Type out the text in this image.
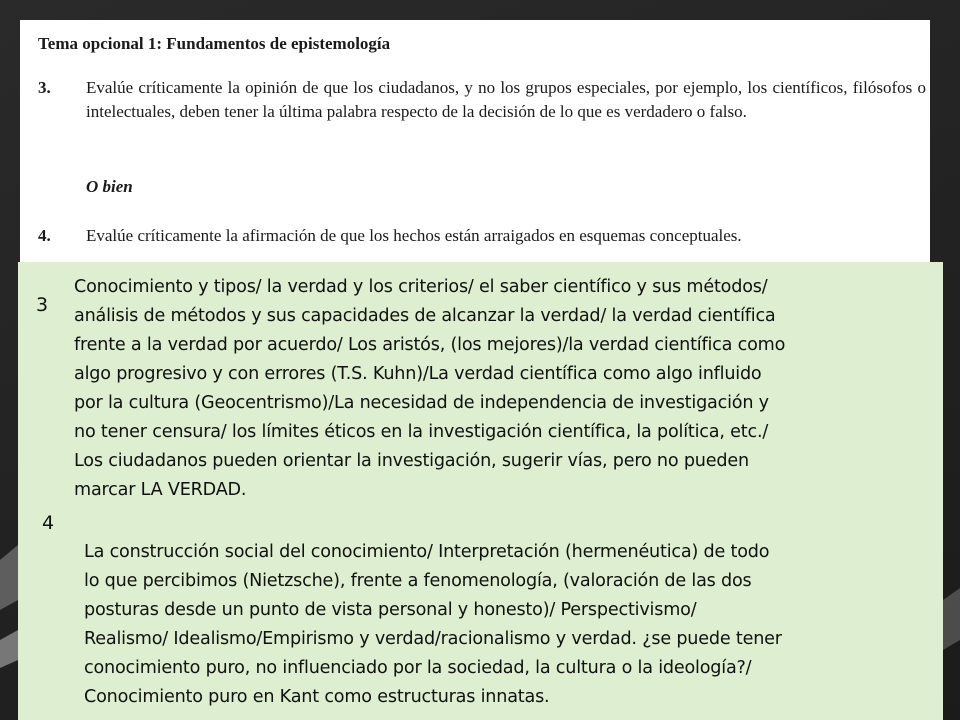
Tema opcional 1: Fundamentos de epistemología
3. Evalúe críticamente la opinión de que los ciudadanos, y no los grupos especiales, por ejemplo, los científicos, filósofos o intelectuales, deben tener la última palabra respecto de la decisión de lo que es verdadero o falso.
O bien
4. Evalúe críticamente la afirmación de que los hechos están arraigados en esquemas conceptuales.
3
Conocimiento y tipos/ la verdad y los criterios/ el saber científico y sus métodos/
análisis de métodos y sus capacidades de alcanzar la verdad/ la verdad científica
frente a la verdad por acuerdo/ Los aristós, (los mejores)/la verdad científica como
algo progresivo y con errores (T.S. Kuhn)/La verdad científica como algo influido
por la cultura (Geocentrismo)/La necesidad de independencia de investigación y
no tener censura/ los límites éticos en la investigación científica, la política, etc./
Los ciudadanos pueden orientar la investigación, sugerir vías, pero no pueden
marcar LA VERDAD.
4
La construcción social del conocimiento/ Interpretación (hermenéutica) de todo
lo que percibimos (Nietzsche), frente a fenomenología, (valoración de las dos
posturas desde un punto de vista personal y honesto)/ Perspectivismo/
Realismo/ Idealismo/Empirismo y verdad/racionalismo y verdad. ¿se puede tener
conocimiento puro, no influenciado por la sociedad, la cultura o la ideología?/
Conocimiento puro en Kant como estructuras innatas.
